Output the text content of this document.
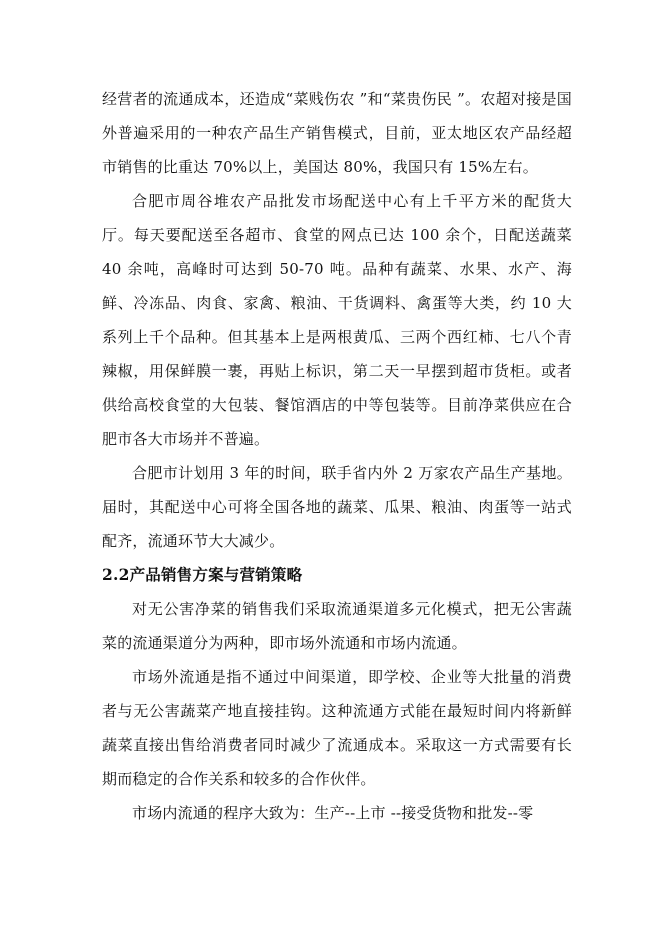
经营者的流通成本，还造成“菜贱伤农 ”和“菜贵伤民 ”。农超对接是国外普遍采用的一种农产品生产销售模式，目前，亚太地区农产品经超市销售的比重达 70%以上，美国达 80%，我国只有 15%左右。

合肥市周谷堆农产品批发市场配送中心有上千平方米的配货大厅。每天要配送至各超市、食堂的网点已达 100 余个，日配送蔬菜 40 余吨，高峰时可达到 50-70 吨。品种有蔬菜、水果、水产、海鲜、冷冻品、肉食、家禽、粮油、干货调料、禽蛋等大类，约 10 大系列上千个品种。但其基本上是两根黄瓜、三两个西红柿、七八个青辣椒，用保鲜膜一裹，再贴上标识，第二天一早摆到超市货柜。或者供给高校食堂的大包装、餐馆酒店的中等包装等。目前净菜供应在合肥市各大市场并不普遍。

合肥市计划用 3 年的时间，联手省内外 2 万家农产品生产基地。届时，其配送中心可将全国各地的蔬菜、瓜果、粮油、肉蛋等一站式配齐，流通环节大大减少。

2.2产品销售方案与营销策略

对无公害净菜的销售我们采取流通渠道多元化模式，把无公害蔬菜的流通渠道分为两种，即市场外流通和市场内流通。

市场外流通是指不通过中间渠道，即学校、企业等大批量的消费者与无公害蔬菜产地直接挂钩。这种流通方式能在最短时间内将新鲜蔬菜直接出售给消费者同时减少了流通成本。采取这一方式需要有长期而稳定的合作关系和较多的合作伙伴。

市场内流通的程序大致为：生产--上市 --接受货物和批发--零
